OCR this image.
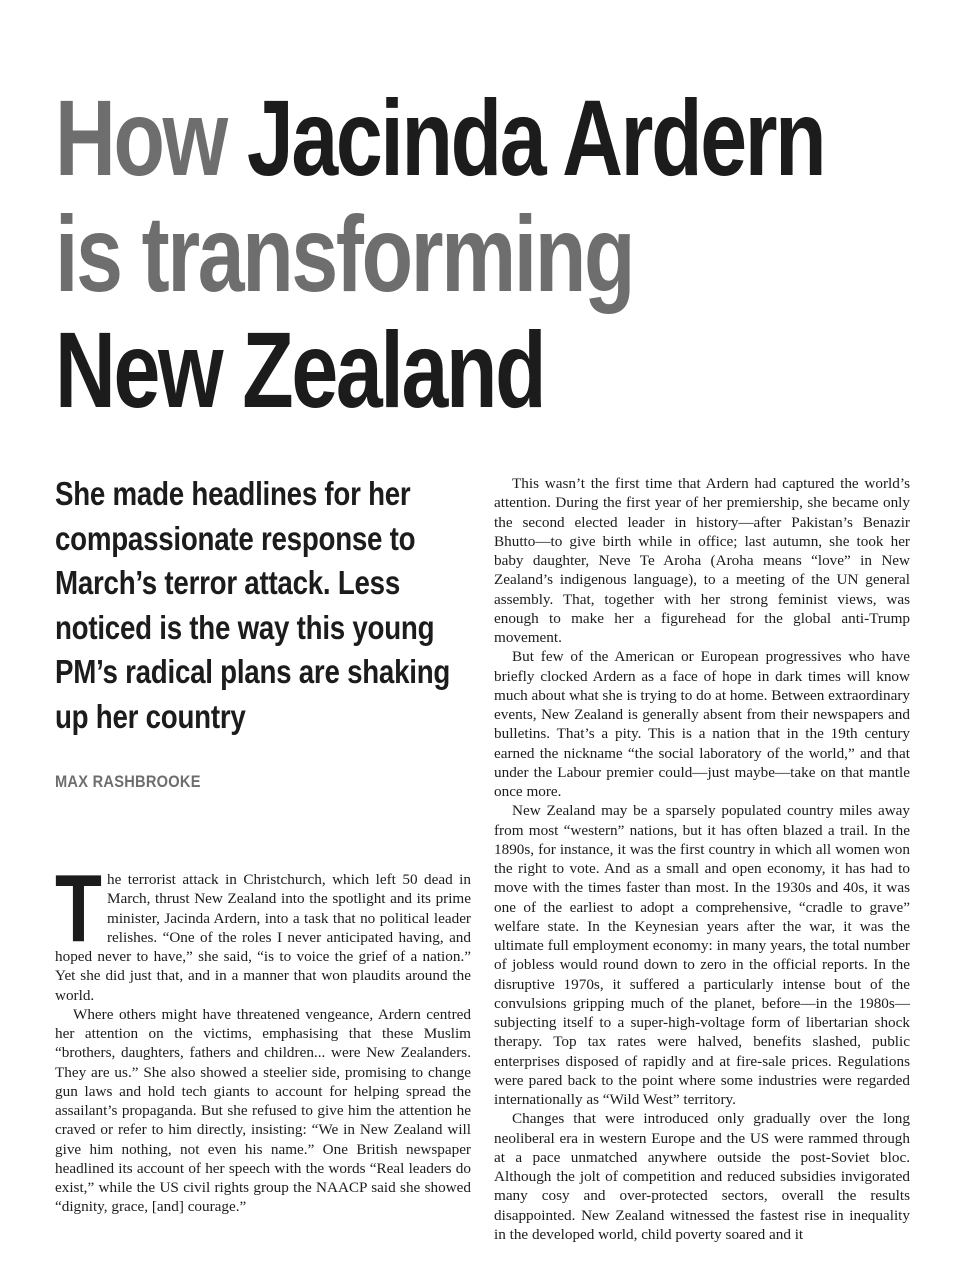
How Jacinda Ardern
is transforming
New Zealand

She made headlines for her compassionate response to March’s terror attack. Less noticed is the way this young PM’s radical plans are shaking up her country

MAX RASHBROOKE

The terrorist attack in Christchurch, which left 50 dead in March, thrust New Zealand into the spotlight and its prime minister, Jacinda Ardern, into a task that no political leader relishes. “One of the roles I never anticipated having, and hoped never to have,” she said, “is to voice the grief of a nation.” Yet she did just that, and in a manner that won plaudits around the world.

Where others might have threatened vengeance, Ardern centred her attention on the victims, emphasising that these Muslim “brothers, daughters, fathers and children... were New Zealanders. They are us.” She also showed a steelier side, promising to change gun laws and hold tech giants to account for helping spread the assailant’s propaganda. But she refused to give him the attention he craved or refer to him directly, insisting: “We in New Zealand will give him nothing, not even his name.” One British newspaper headlined its account of her speech with the words “Real leaders do exist,” while the US civil rights group the NAACP said she showed “dignity, grace, [and] courage.”

This wasn’t the first time that Ardern had captured the world’s attention. During the first year of her premiership, she became only the second elected leader in history—after Pakistan’s Benazir Bhutto—to give birth while in office; last autumn, she took her baby daughter, Neve Te Aroha (Aroha means “love” in New Zealand’s indigenous language), to a meeting of the UN general assembly. That, together with her strong feminist views, was enough to make her a figurehead for the global anti-Trump movement.

But few of the American or European progressives who have briefly clocked Ardern as a face of hope in dark times will know much about what she is trying to do at home. Between extraordinary events, New Zealand is generally absent from their newspapers and bulletins. That’s a pity. This is a nation that in the 19th century earned the nickname “the social laboratory of the world,” and that under the Labour premier could—just maybe—take on that mantle once more.

New Zealand may be a sparsely populated country miles away from most “western” nations, but it has often blazed a trail. In the 1890s, for instance, it was the first country in which all women won the right to vote. And as a small and open economy, it has had to move with the times faster than most. In the 1930s and 40s, it was one of the earliest to adopt a comprehensive, “cradle to grave” welfare state. In the Keynesian years after the war, it was the ultimate full employment economy: in many years, the total number of jobless would round down to zero in the official reports. In the disruptive 1970s, it suffered a particularly intense bout of the convulsions gripping much of the planet, before—in the 1980s—subjecting itself to a super-high-voltage form of libertarian shock therapy. Top tax rates were halved, benefits slashed, public enterprises disposed of rapidly and at fire-sale prices. Regulations were pared back to the point where some industries were regarded internationally as “Wild West” territory.

Changes that were introduced only gradually over the long neoliberal era in western Europe and the US were rammed through at a pace unmatched anywhere outside the post-Soviet bloc. Although the jolt of competition and reduced subsidies invigorated many cosy and over-protected sectors, overall the results disappointed. New Zealand witnessed the fastest rise in inequality in the developed world, child poverty soared and it
